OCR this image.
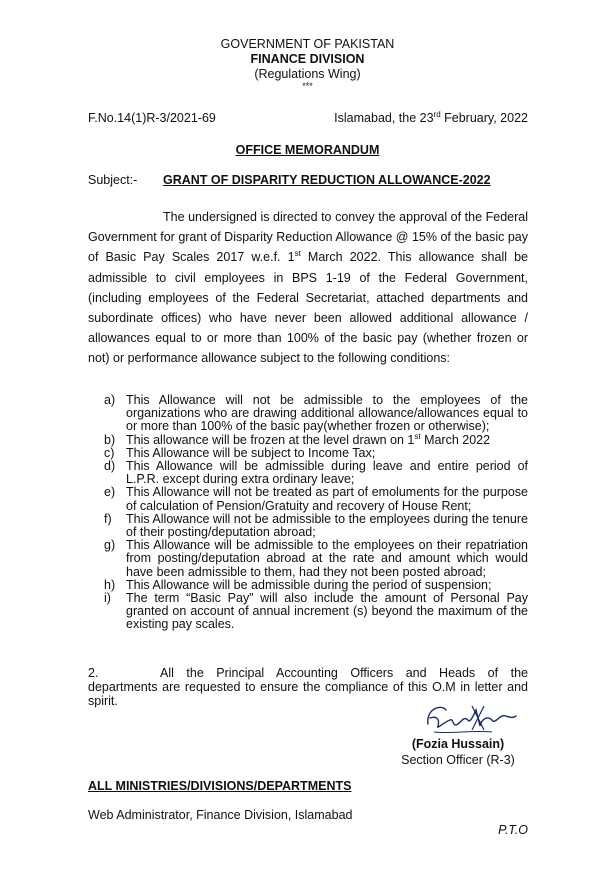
GOVERNMENT OF PAKISTAN
FINANCE DIVISION
(Regulations Wing)
***
F.No.14(1)R-3/2021-69	Islamabad, the 23rd February, 2022
OFFICE MEMORANDUM
Subject:- GRANT OF DISPARITY REDUCTION ALLOWANCE-2022
The undersigned is directed to convey the approval of the Federal Government for grant of Disparity Reduction Allowance @ 15% of the basic pay of Basic Pay Scales 2017 w.e.f. 1st March 2022. This allowance shall be admissible to civil employees in BPS 1-19 of the Federal Government, (including employees of the Federal Secretariat, attached departments and subordinate offices) who have never been allowed additional allowance / allowances equal to or more than 100% of the basic pay (whether frozen or not) or performance allowance subject to the following conditions:
a) This Allowance will not be admissible to the employees of the organizations who are drawing additional allowance/allowances equal to or more than 100% of the basic pay(whether frozen or otherwise);
b) This allowance will be frozen at the level drawn on 1st March 2022
c) This Allowance will be subject to Income Tax;
d) This Allowance will be admissible during leave and entire period of L.P.R. except during extra ordinary leave;
e) This Allowance will not be treated as part of emoluments for the purpose of calculation of Pension/Gratuity and recovery of House Rent;
f) This Allowance will not be admissible to the employees during the tenure of their posting/deputation abroad;
g) This Allowance will be admissible to the employees on their repatriation from posting/deputation abroad at the rate and amount which would have been admissible to them, had they not been posted abroad;
h) This Allowance will be admissible during the period of suspension;
i) The term “Basic Pay” will also include the amount of Personal Pay granted on account of annual increment (s) beyond the maximum of the existing pay scales.
2.	All the Principal Accounting Officers and Heads of the departments are requested to ensure the compliance of this O.M in letter and spirit.
(Fozia Hussain)
Section Officer (R-3)
ALL MINISTRIES/DIVISIONS/DEPARTMENTS
Web Administrator, Finance Division, Islamabad
P.T.O
